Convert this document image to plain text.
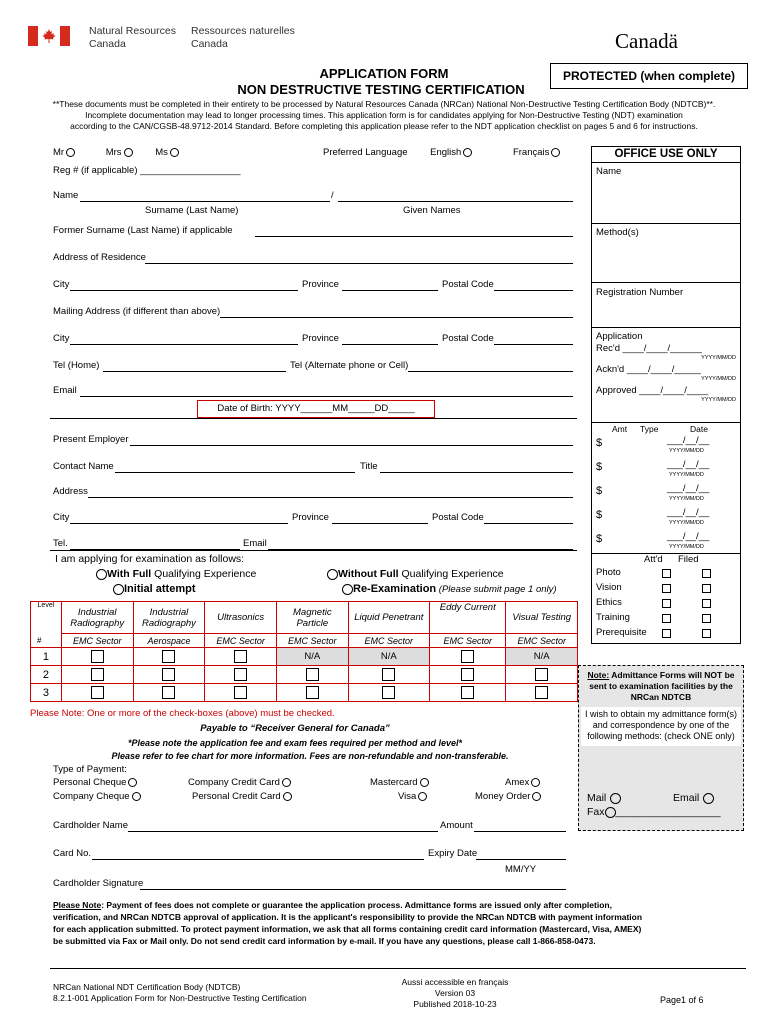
Natural Resources
Canada
Ressources naturelles
Canada	Canadä
APPLICATION FORM
NON DESTRUCTIVE TESTING CERTIFICATION
PROTECTED (when complete)
**These documents must be completed in their entirety to be processed by Natural Resources Canada (NRCan) National Non-Destructive Testing Certification Body (NDTCB)**.
Incomplete documentation may lead to longer processing times. This application form is for candidates applying for Non-Destructive Testing (NDT) examination
according to the CAN/CGSB-48.9712-2014 Standard. Before completing this application please refer to the NDT application checklist on pages 5 and 6 for instructions.
Mr	Mrs	Ms	Preferred Language English	Français
Reg # (if applicable) ___________________
Name	/
Surname (Last Name)	Given Names
Former Surname (Last Name) if applicable
Address of Residence
City	Province	Postal Code
Mailing Address (if different than above)
City	Province	Postal Code
Tel (Home)	Tel (Alternate phone or Cell)
Email
Date of Birth: YYYY______MM_____DD_____
Present Employer
Contact Name	Title
Address
City	Province	Postal Code
Tel.	Email
I am applying for examination as follows:
With Full Qualifying Experience	Without Full Qualifying Experience
Initial attempt	Re-Examination (Please submit page 1 only)
Level	Industrial Radiography	Industrial Radiography	Ultrasonics	Magnetic Particle	Liquid Penetrant	Eddy Current	Visual Testing
#	EMC Sector	Aerospace	EMC Sector	EMC Sector	EMC Sector	EMC Sector	EMC Sector
1				N/A	N/A		N/A
2	

3	

Please Note: One or more of the check-boxes (above) must be checked.
Payable to “Receiver General for Canada”
*Please note the application fee and exam fees required per method and level*
Please refer to fee chart for more information. Fees are non-refundable and non-transferable.
Type of Payment:
Personal Cheque
Company Cheque
Company Credit Card
Personal Credit Card
Mastercard
Visa
Amex
Money Order
Cardholder Name	Amount
Card No.	Expiry Date
MM/YY
Cardholder Signature
Please Note: Payment of fees does not complete or guarantee the application process. Admittance forms are issued only after completion,
verification, and NRCan NDTCB approval of application. It is the applicant's responsibility to provide the NRCan NDTCB with payment information
for each application submitted. To protect payment information, we ask that all forms containing credit card information (Mastercard, Visa, AMEX)
be submitted via Fax or Mail only. Do not send credit card information by e-mail. If you have any questions, please call 1-866-858-0473.
OFFICE USE ONLY
Name
Method(s)
Registration Number
Application
Rec'd ____/____/______
YYYY/MM/DD
Ackn'd ____/____/_____
YYYY/MM/DD
Approved ____/____/____
YYYY/MM/DD
Amt Type	Date
$	___/__/__
YYYY/MM/DD
$	___/__/__
YYYY/MM/DD
$	___/__/__
YYYY/MM/DD
$	___/__/__
YYYY/MM/DD
$	___/__/__
YYYY/MM/DD
Att'd Filed
Photo
Vision
Ethics
Training
Prerequisite
Note: Admittance Forms will NOT be sent to examination facilities by the NRCan NDTCB
I wish to obtain my admittance form(s) and correspondence by one of the following methods: (check ONE only)
Mail	Email
Fax __________________
NRCan National NDT Certification Body (NDTCB)
8.2.1-001 Application Form for Non-Destructive Testing Certification
Aussi accessible en français
Version 03
Published 2018-10-23	Page1 of 6
